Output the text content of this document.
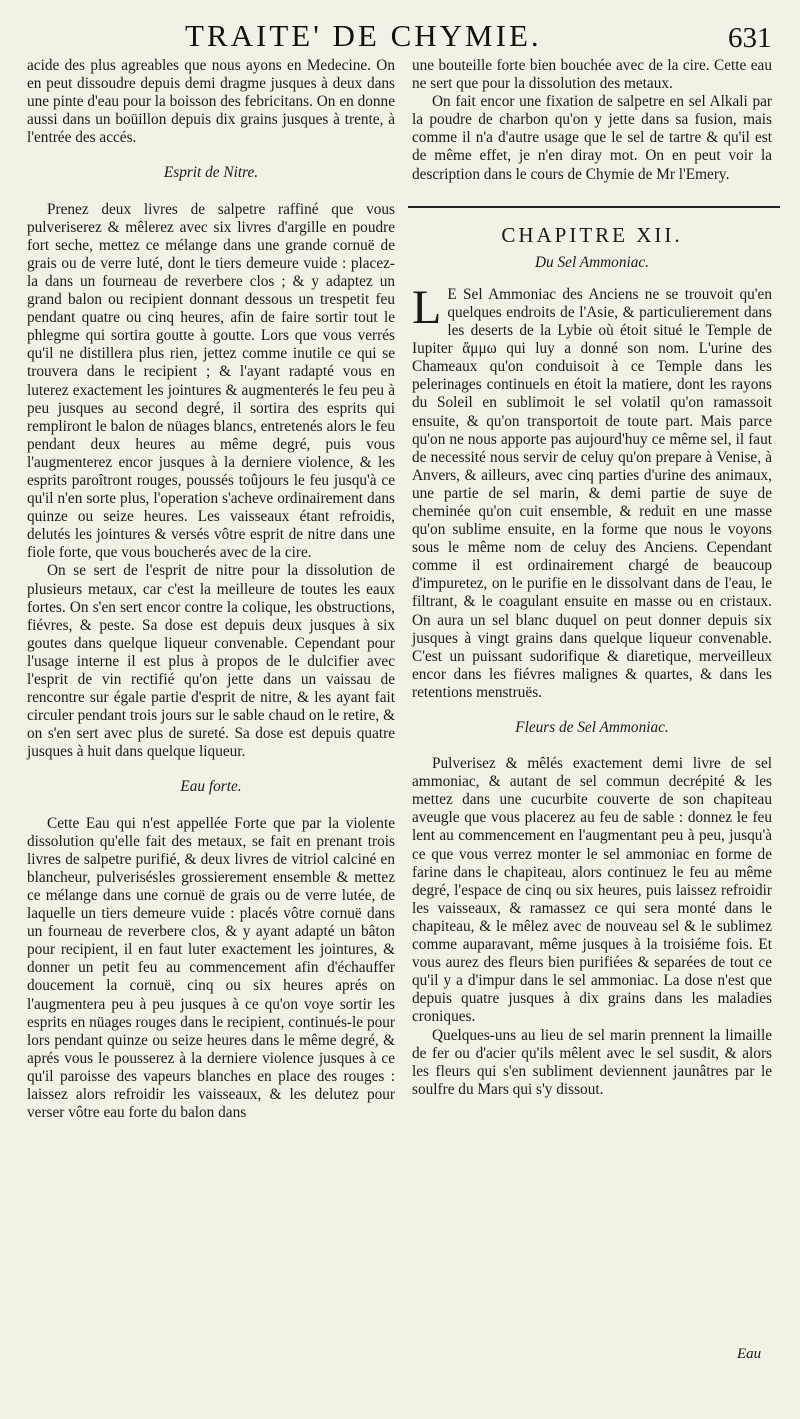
TRAITE' DE CHYMIE.	631

acide des plus agreables que nous ayons en Medecine. On en peut dissoudre depuis demi dragme jusques à deux dans une pinte d'eau pour la boisson des febricitans. On en donne aussi dans un boüillon depuis dix grains jusques à trente, à l'entrée des accés.

Esprit de Nitre.

Prenez deux livres de salpetre raffiné que vous pulveriserez & mêlerez avec six livres d'argille en poudre fort seche, mettez ce mélange dans une grande cornuë de grais ou de verre luté, dont le tiers demeure vuide : placez-la dans un fourneau de reverbere clos ; & y adaptez un grand balon ou recipient donnant dessous un trespetit feu pendant quatre ou cinq heures, afin de faire sortir tout le phlegme qui sortira goutte à goutte. Lors que vous verrés qu'il ne distillera plus rien, jettez comme inutile ce qui se trouvera dans le recipient ; & l'ayant radapté vous en luterez exactement les jointures & augmenterés le feu peu à peu jusques au second degré, il sortira des esprits qui rempliront le balon de nüages blancs, entretenés alors le feu pendant deux heures au même degré, puis vous l'augmenterez encor jusques à la derniere violence, & les esprits paroîtront rouges, poussés toûjours le feu jusqu'à ce qu'il n'en sorte plus, l'operation s'acheve ordinairement dans quinze ou seize heures. Les vaisseaux étant refroidis, delutés les jointures & versés vôtre esprit de nitre dans une fiole forte, que vous boucherés avec de la cire.

On se sert de l'esprit de nitre pour la dissolution de plusieurs metaux, car c'est la meilleure de toutes les eaux fortes. On s'en sert encor contre la colique, les obstructions, fiévres, & peste. Sa dose est depuis deux jusques à six goutes dans quelque liqueur convenable. Cependant pour l'usage interne il est plus à propos de le dulcifier avec l'esprit de vin rectifié qu'on jette dans un vaissau de rencontre sur égale partie d'esprit de nitre, & les ayant fait circuler pendant trois jours sur le sable chaud on le retire, & on s'en sert avec plus de sureté. Sa dose est depuis quatre jusques à huit dans quelque liqueur.

Eau forte.

Cette Eau qui n'est appellée Forte que par la violente dissolution qu'elle fait des metaux, se fait en prenant trois livres de salpetre purifié, & deux livres de vitriol calciné en blancheur, pulverisésles grossierement ensemble & mettez ce mélange dans une cornuë de grais ou de verre lutée, de laquelle un tiers demeure vuide : placés vôtre cornuë dans un fourneau de reverbere clos, & y ayant adapté un bâton pour recipient, il en faut luter exactement les jointures, & donner un petit feu au commencement afin d'échauffer doucement la cornuë, cinq ou six heures aprés on l'augmentera peu à peu jusques à ce qu'on voye sortir les esprits en nüages rouges dans le recipient, continués-le pour lors pendant quinze ou seize heures dans le même degré, & aprés vous le pousserez à la derniere violence jusques à ce qu'il paroisse des vapeurs blanches en place des rouges : laissez alors refroidir les vaisseaux, & les delutez pour verser vôtre eau forte du balon dans

une bouteille forte bien bouchée avec de la cire. Cette eau ne sert que pour la dissolution des metaux.

On fait encor une fixation de salpetre en sel Alkali par la poudre de charbon qu'on y jette dans sa fusion, mais comme il n'a d'autre usage que le sel de tartre & qu'il est de même effet, je n'en diray mot. On en peut voir la description dans le cours de Chymie de Mr l'Emery.

CHAPITRE XII.
Du Sel Ammoniac.

L E Sel Ammoniac des Anciens ne se trouvoit qu'en quelques endroits de l'Asie, & particulierement dans les deserts de la Lybie où étoit situé le Temple de Iupiter ἄμμω qui luy a donné son nom. L'urine des Chameaux qu'on conduisoit à ce Temple dans les pelerinages continuels en étoit la matiere, dont les rayons du Soleil en sublimoit le sel volatil qu'on ramassoit ensuite, & qu'on transportoit de toute part. Mais parce qu'on ne nous apporte pas aujourd'huy ce même sel, il faut de necessité nous servir de celuy qu'on prepare à Venise, à Anvers, & ailleurs, avec cinq parties d'urine des animaux, une partie de sel marin, & demi partie de suye de cheminée qu'on cuit ensemble, & reduit en une masse qu'on sublime ensuite, en la forme que nous le voyons sous le même nom de celuy des Anciens. Cependant comme il est ordinairement chargé de beaucoup d'impuretez, on le purifie en le dissolvant dans de l'eau, le filtrant, & le coagulant ensuite en masse ou en cristaux. On aura un sel blanc duquel on peut donner depuis six jusques à vingt grains dans quelque liqueur convenable. C'est un puissant sudorifique & diaretique, merveilleux encor dans les fiévres malignes & quartes, & dans les retentions menstruës.

Fleurs de Sel Ammoniac.

Pulverisez & mêlés exactement demi livre de sel ammoniac, & autant de sel commun decrépité & les mettez dans une cucurbite couverte de son chapiteau aveugle que vous placerez au feu de sable : donnez le feu lent au commencement en l'augmentant peu à peu, jusqu'à ce que vous verrez monter le sel ammoniac en forme de farine dans le chapiteau, alors continuez le feu au même degré, l'espace de cinq ou six heures, puis laissez refroidir les vaisseaux, & ramassez ce qui sera monté dans le chapiteau, & le mêlez avec de nouveau sel & le sublimez comme auparavant, même jusques à la troisiéme fois. Et vous aurez des fleurs bien purifiées & separées de tout ce qu'il y a d'impur dans le sel ammoniac. La dose n'est que depuis quatre jusques à dix grains dans les maladies croniques.

Quelques-uns au lieu de sel marin prennent la limaille de fer ou d'acier qu'ils mêlent avec le sel susdit, & alors les fleurs qui s'en subliment deviennent jaunâtres par le soulfre du Mars qui s'y dissout.

Eau
